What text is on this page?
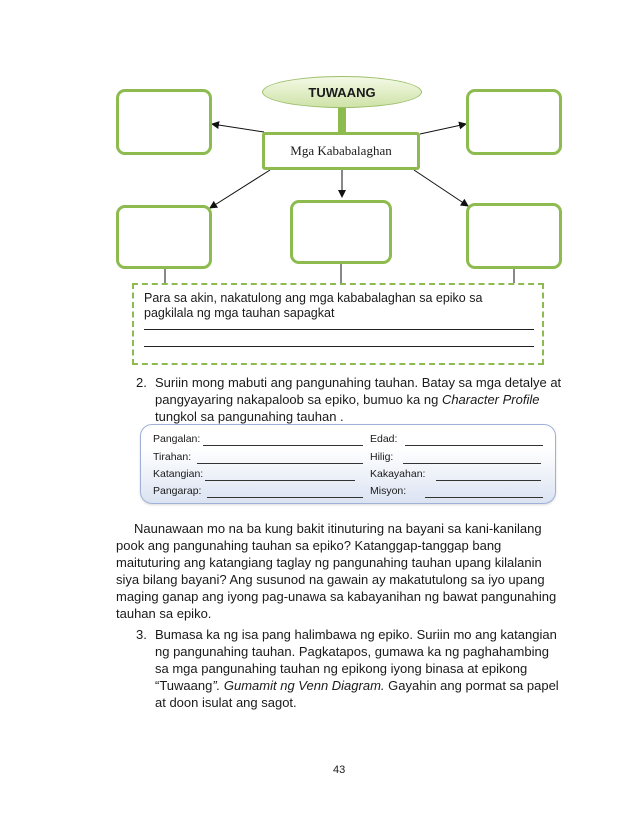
TUWAANG
Mga Kababalaghan
Para sa akin, nakatulong ang mga kababalaghan sa epiko sa
pagkilala ng mga tauhan sapagkat
2. Suriin mong mabuti ang pangunahing tauhan. Batay sa mga detalye at
pangyayaring nakapaloob sa epiko, bumuo ka ng Character Profile
tungkol sa pangunahing tauhan .
Pangalan:
Tirahan:
Katangian:
Pangarap:
Edad:
Hilig:
Kakayahan:
Misyon:
Naunawaan mo na ba kung bakit itinuturing na bayani sa kani-kanilang
pook ang pangunahing tauhan sa epiko? Katanggap-tanggap bang
maituturing ang katangiang taglay ng pangunahing tauhan upang kilalanin
siya bilang bayani? Ang susunod na gawain ay makatutulong sa iyo upang
maging ganap ang iyong pag-unawa sa kabayanihan ng bawat pangunahing
tauhan sa epiko.
3. Bumasa ka ng isa pang halimbawa ng epiko. Suriin mo ang katangian
ng pangunahing tauhan. Pagkatapos, gumawa ka ng paghahambing
sa mga pangunahing tauhan ng epikong iyong binasa at epikong
“Tuwaang”. Gumamit ng Venn Diagram. Gayahin ang pormat sa papel
at doon isulat ang sagot.
43
